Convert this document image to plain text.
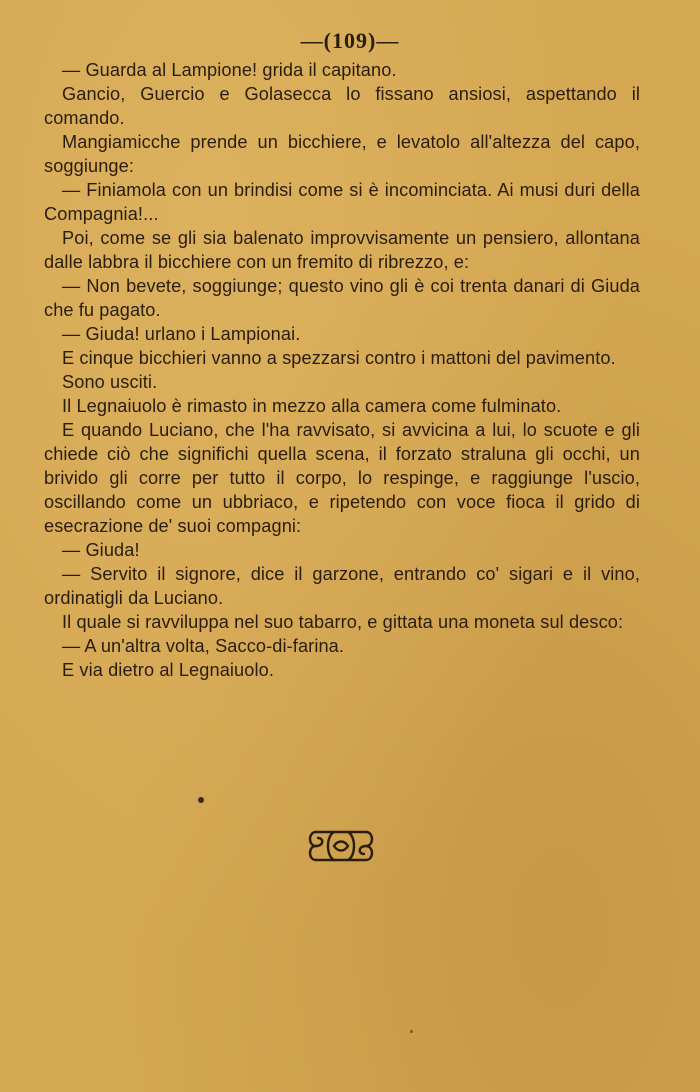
—(109)—

— Guarda al Lampione! grida il capitano.

Gancio, Guercio e Golasecca lo fissano ansiosi, aspettando il comando.

Mangiamicche prende un bicchiere, e levatolo all'altezza del capo, soggiunge:

— Finiamola con un brindisi come si è incominciata. Ai musi duri della Compagnia!...

Poi, come se gli sia balenato improvvisamente un pensiero, allontana dalle labbra il bicchiere con un fremito di ribrezzo, e:

— Non bevete, soggiunge; questo vino gli è coi trenta danari di Giuda che fu pagato.

— Giuda! urlano i Lampionai.

E cinque bicchieri vanno a spezzarsi contro i mattoni del pavimento.

Sono usciti.

Il Legnaiuolo è rimasto in mezzo alla camera come fulminato.

E quando Luciano, che l'ha ravvisato, si avvicina a lui, lo scuote e gli chiede ciò che significhi quella scena, il forzato straluna gli occhi, un brivido gli corre per tutto il corpo, lo respinge, e raggiunge l'uscio, oscillando come un ubbriaco, e ripetendo con voce fioca il grido di esecrazione de' suoi compagni:

— Giuda!

— Servito il signore, dice il garzone, entrando co' sigari e il vino, ordinatigli da Luciano.

Il quale si ravviluppa nel suo tabarro, e gittata una moneta sul desco:

— A un'altra volta, Sacco-di-farina.

E via dietro al Legnaiuolo.
